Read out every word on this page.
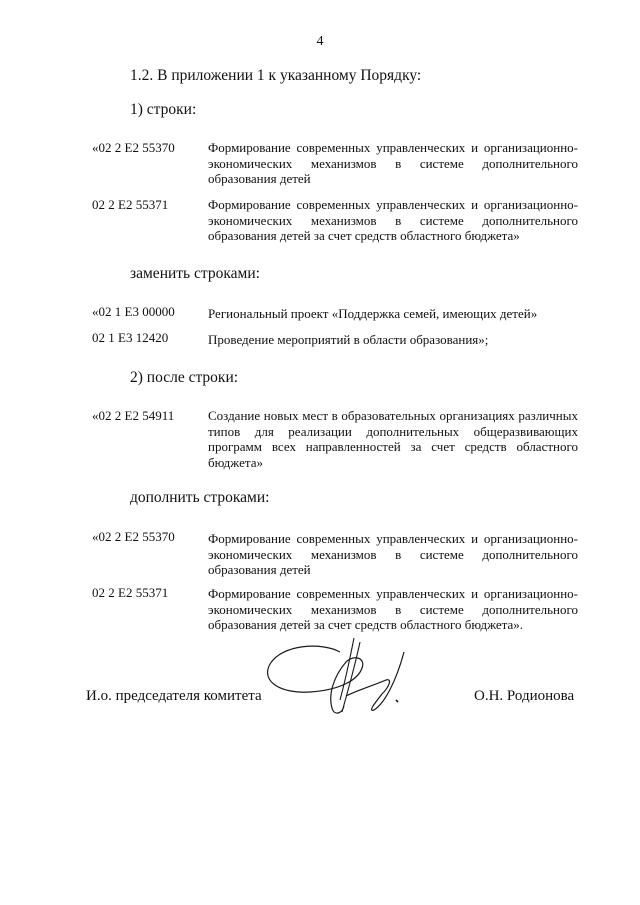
4
1.2. В приложении 1 к указанному Порядку:
1) строки:
«02 2 E2 55370	Формирование современных управленческих и организационно-экономических механизмов в системе дополнительного образования детей
02 2 E2 55371	Формирование современных управленческих и организационно-экономических механизмов в системе дополнительного образования детей за счет средств областного бюджета»
заменить строками:
«02 1 E3 00000	Региональный проект «Поддержка семей, имеющих детей»
02 1 E3 12420	Проведение мероприятий в области образования»;
2) после строки:
«02 2 E2 54911	Создание новых мест в образовательных организациях различных типов для реализации дополнительных общеразвивающих программ всех направленностей за счет средств областного бюджета»
дополнить строками:
«02 2 E2 55370	Формирование современных управленческих и организационно-экономических механизмов в системе дополнительного образования детей
02 2 E2 55371	Формирование современных управленческих и организационно-экономических механизмов в системе дополнительного образования детей за счет средств областного бюджета».
И.о. председателя комитета	О.Н. Родионова
